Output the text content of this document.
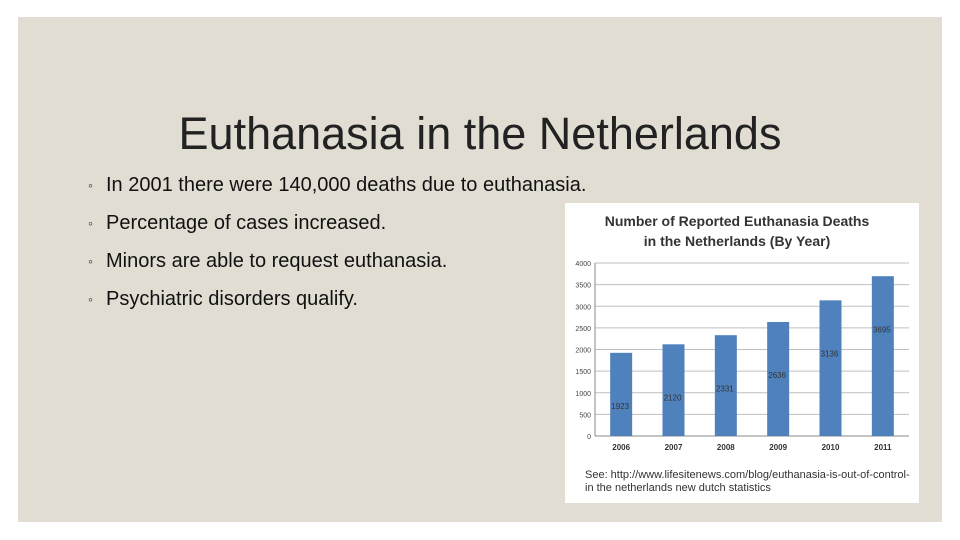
Euthanasia in the Netherlands
◦ In 2001 there were 140,000 deaths due to euthanasia.
◦ Percentage of cases increased.
◦ Minors are able to request euthanasia.
◦ Psychiatric disorders qualify.
Number of Reported Euthanasia Deaths
in the Netherlands (By Year)
0
500
1000
1500
2000
2500
3000
3500
4000
1923
2006
2120
2007
2331
2008
2636
2009
3136
2010
3695
2011
See: http://www.lifesitenews.com/blog/euthanasia-is-out-of-control-in the netherlands new dutch statistics
